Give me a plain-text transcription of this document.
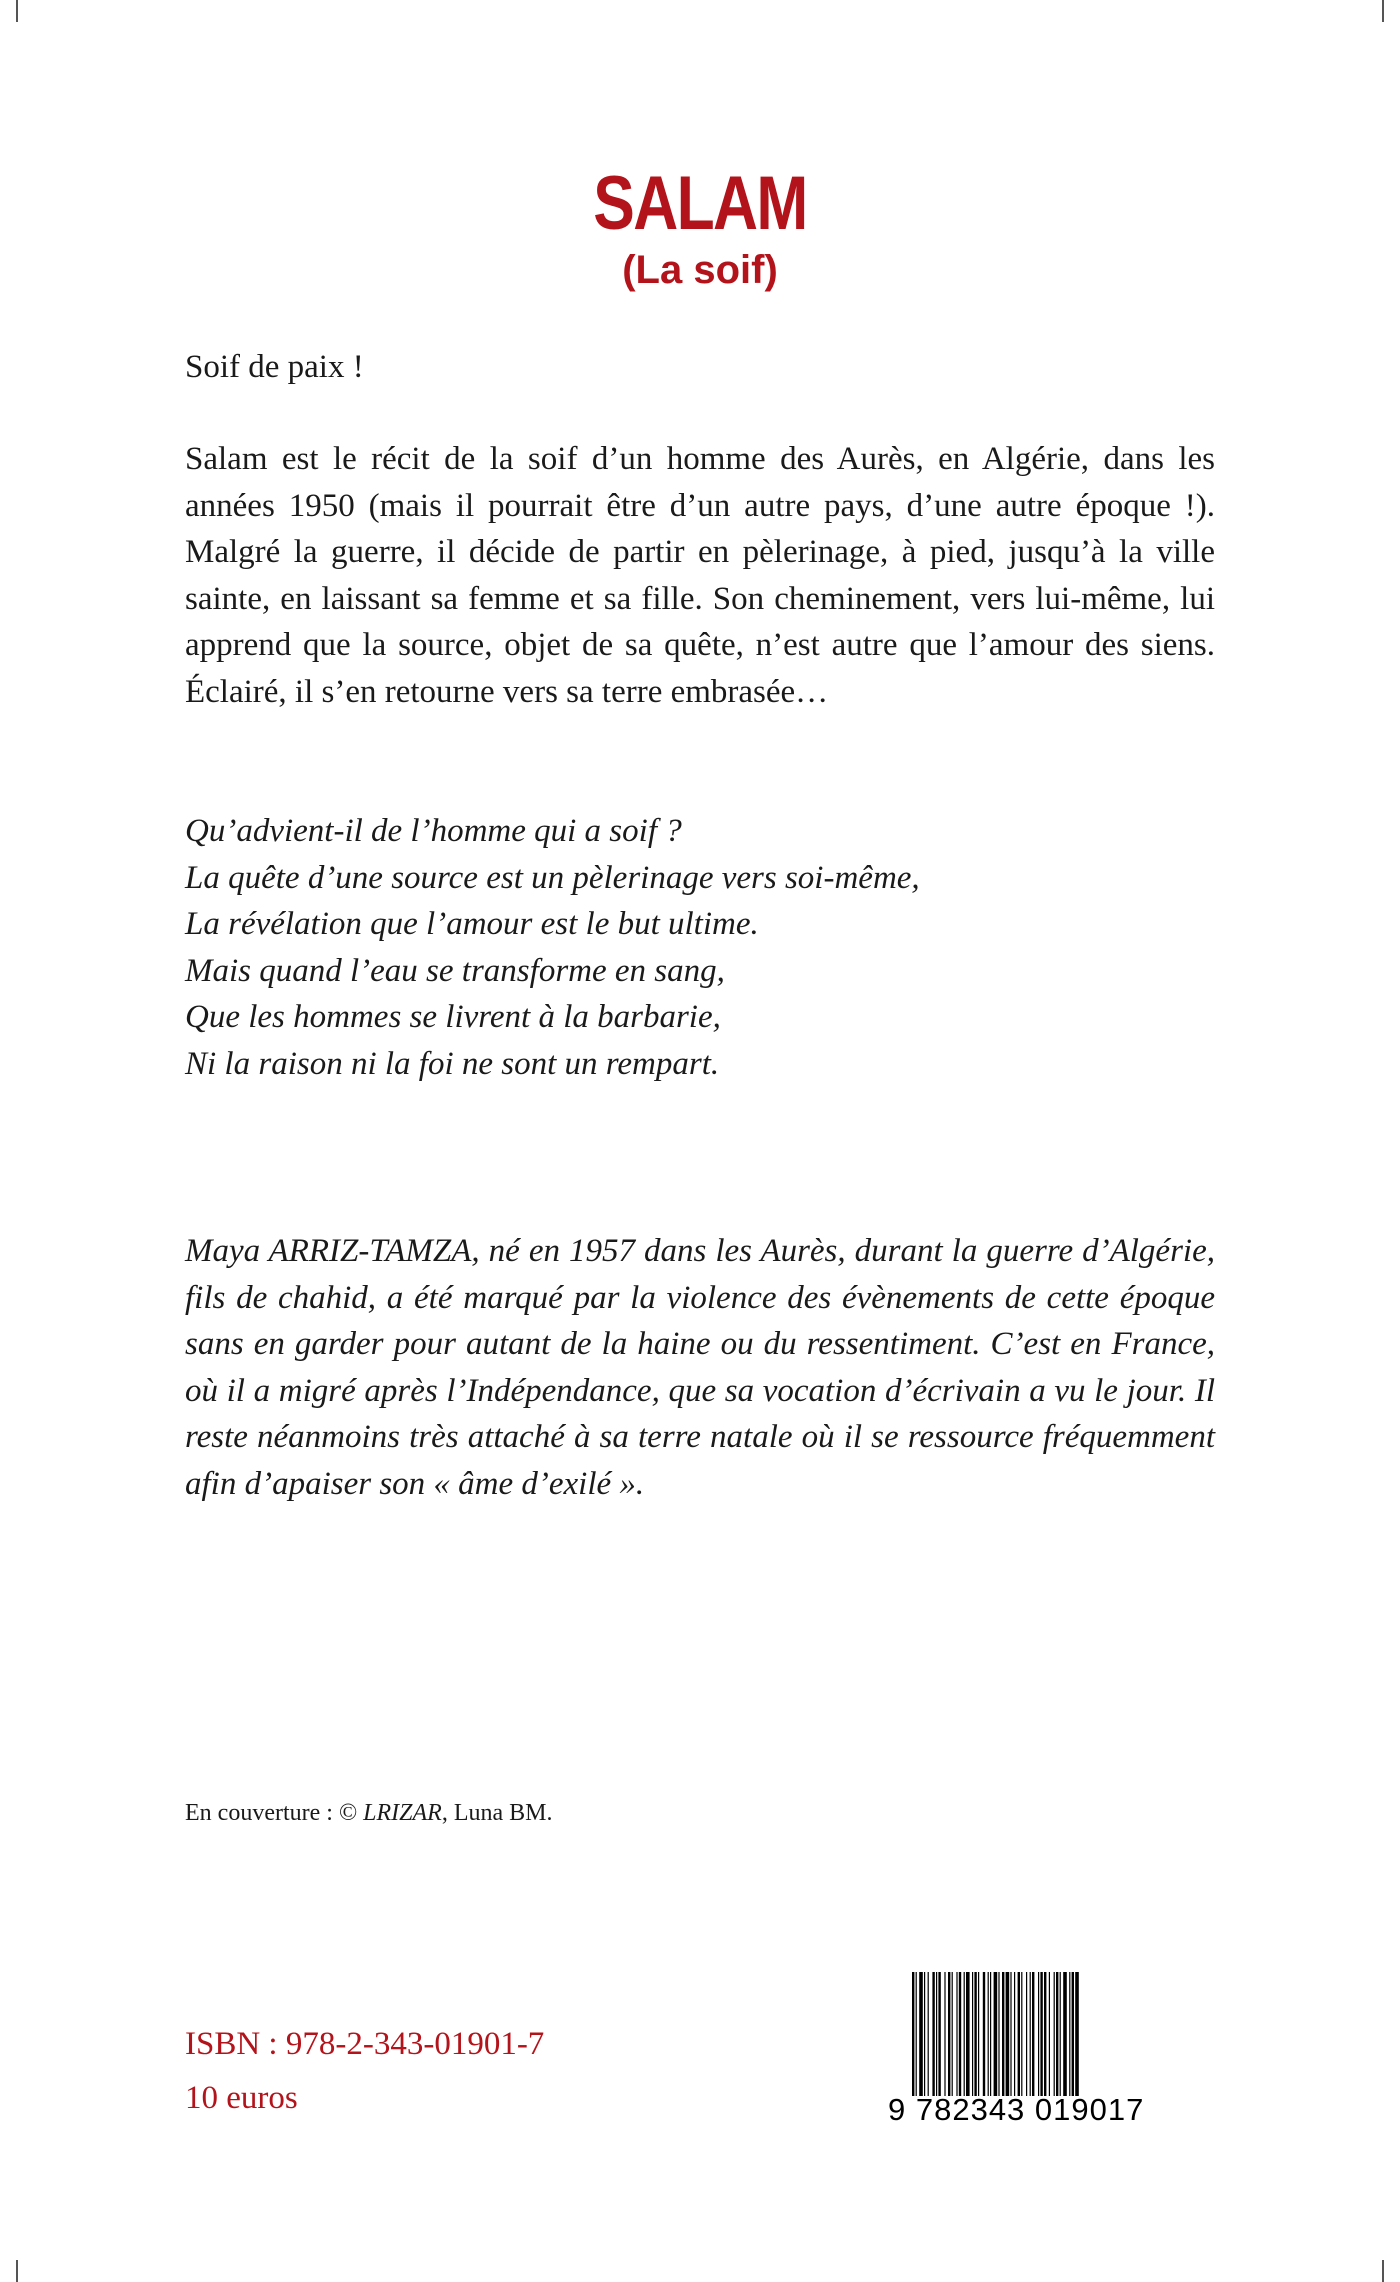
SALAM
(La soif)
Soif de paix !
Salam est le récit de la soif d’un homme des Aurès, en Algérie, dans les années 1950 (mais il pourrait être d’un autre pays, d’une autre époque !). Malgré la guerre, il décide de partir en pèlerinage, à pied, jusqu’à la ville sainte, en laissant sa femme et sa fille. Son cheminement, vers lui-même, lui apprend que la source, objet de sa quête, n’est autre que l’amour des siens. Éclairé, il s’en retourne vers sa terre embrasée…
Qu’advient-il de l’homme qui a soif ?
La quête d’une source est un pèlerinage vers soi-même,
La révélation que l’amour est le but ultime.
Mais quand l’eau se transforme en sang,
Que les hommes se livrent à la barbarie,
Ni la raison ni la foi ne sont un rempart.
Maya ARRIZ-TAMZA, né en 1957 dans les Aurès, durant la guerre d’Algérie, fils de chahid, a été marqué par la violence des évènements de cette époque sans en garder pour autant de la haine ou du ressentiment. C’est en France, où il a migré après l’Indépendance, que sa vocation d’écrivain a vu le jour. Il reste néanmoins très attaché à sa terre natale où il se ressource fréquemment afin d’apaiser son « âme d’exilé ».
En couverture : © LRIZAR, Luna BM.
ISBN : 978-2-343-01901-7
10 euros	9 782343 019017
